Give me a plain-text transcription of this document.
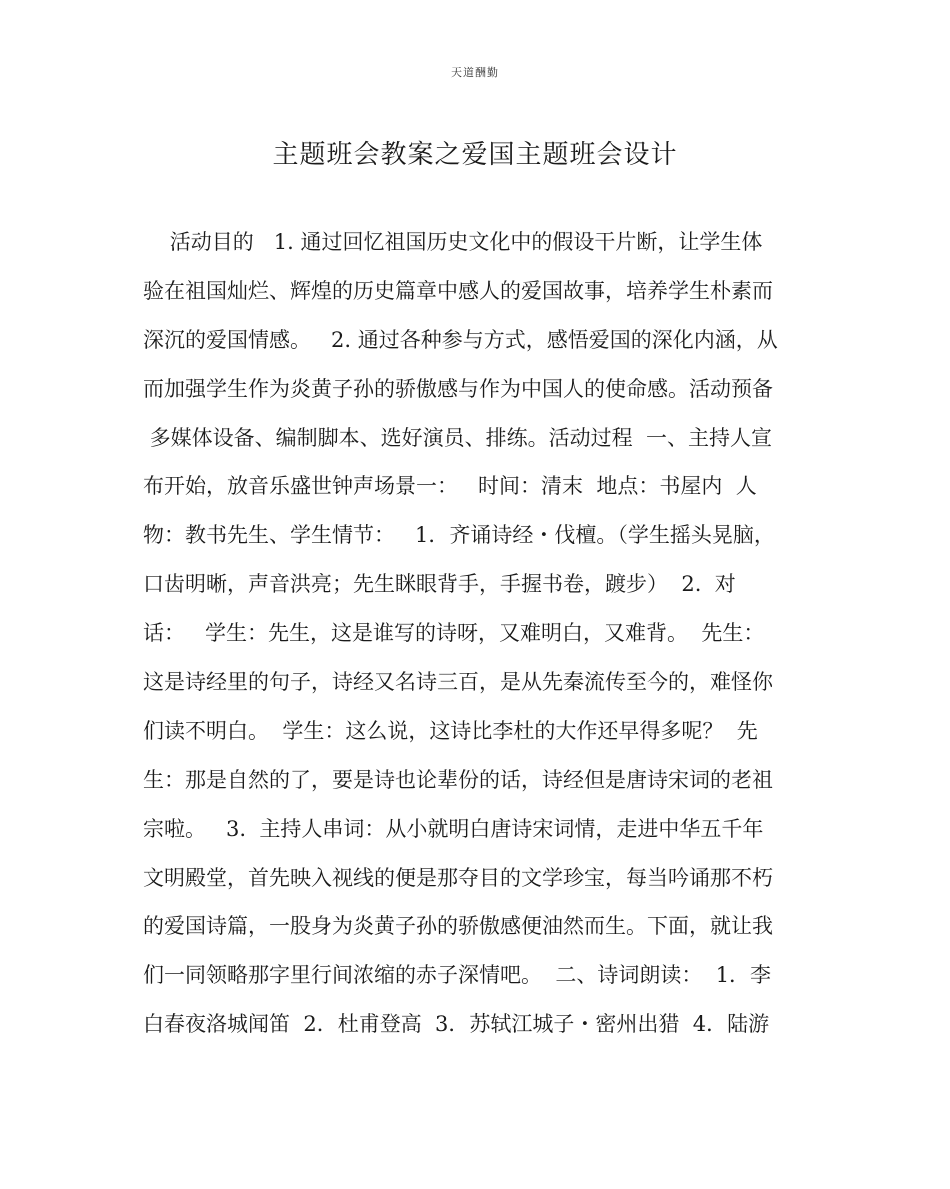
天道酬勤
主题班会教案之爱国主题班会设计
活动目的   1. 通过回忆祖国历史文化中的假设干片断，让学生体
验在祖国灿烂、辉煌的历史篇章中感人的爱国故事，培养学生朴素而
深沉的爱国情感。   2. 通过各种参与方式，感悟爱国的深化内涵，从
而加强学生作为炎黄子孙的骄傲感与作为中国人的使命感。活动预备
多媒体设备、编制脚本、选好演员、排练。活动过程  一、主持人宣
布开始，放音乐盛世钟声场景一：   时间：清末  地点：书屋内  人
物：教书先生、学生情节：   1．齐诵诗经・伐檀。（学生摇头晃脑，
口齿明晰，声音洪亮；先生眯眼背手，手握书卷，踱步）  2.  对
话：   学生：先生，这是谁写的诗呀，又难明白，又难背。  先生：
这是诗经里的句子，诗经又名诗三百，是从先秦流传至今的，难怪你
们读不明白。  学生：这么说，这诗比李杜的大作还早得多呢？  先
生：那是自然的了，要是诗也论辈份的话，诗经但是唐诗宋词的老祖
宗啦。   3.  主持人串词：从小就明白唐诗宋词情，走进中华五千年
文明殿堂，首先映入视线的便是那夺目的文学珍宝，每当吟诵那不朽
的爱国诗篇，一股身为炎黄子孙的骄傲感便油然而生。下面，就让我
们一同领略那字里行间浓缩的赤子深情吧。  二、诗词朗读：  1．李
白春夜洛城闻笛  2．杜甫登高  3．苏轼江城子・密州出猎  4．陆游
